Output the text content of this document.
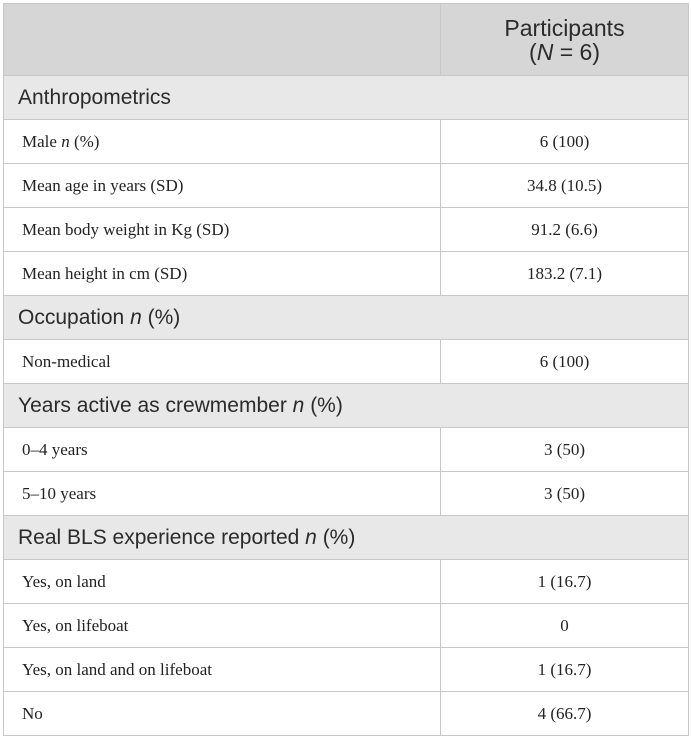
	Participants
(N = 6)

Anthropometrics	
Male n (%)	6 (100)
Mean age in years (SD)	34.8 (10.5)
Mean body weight in Kg (SD)	91.2 (6.6)
Mean height in cm (SD)	183.2 (7.1)
Occupation n (%)	
Non-medical	6 (100)
Years active as crewmember n (%)	
0–4 years	3 (50)
5–10 years	3 (50)
Real BLS experience reported n (%)	
Yes, on land	1 (16.7)
Yes, on lifeboat	0
Yes, on land and on lifeboat	1 (16.7)
No	4 (66.7)
